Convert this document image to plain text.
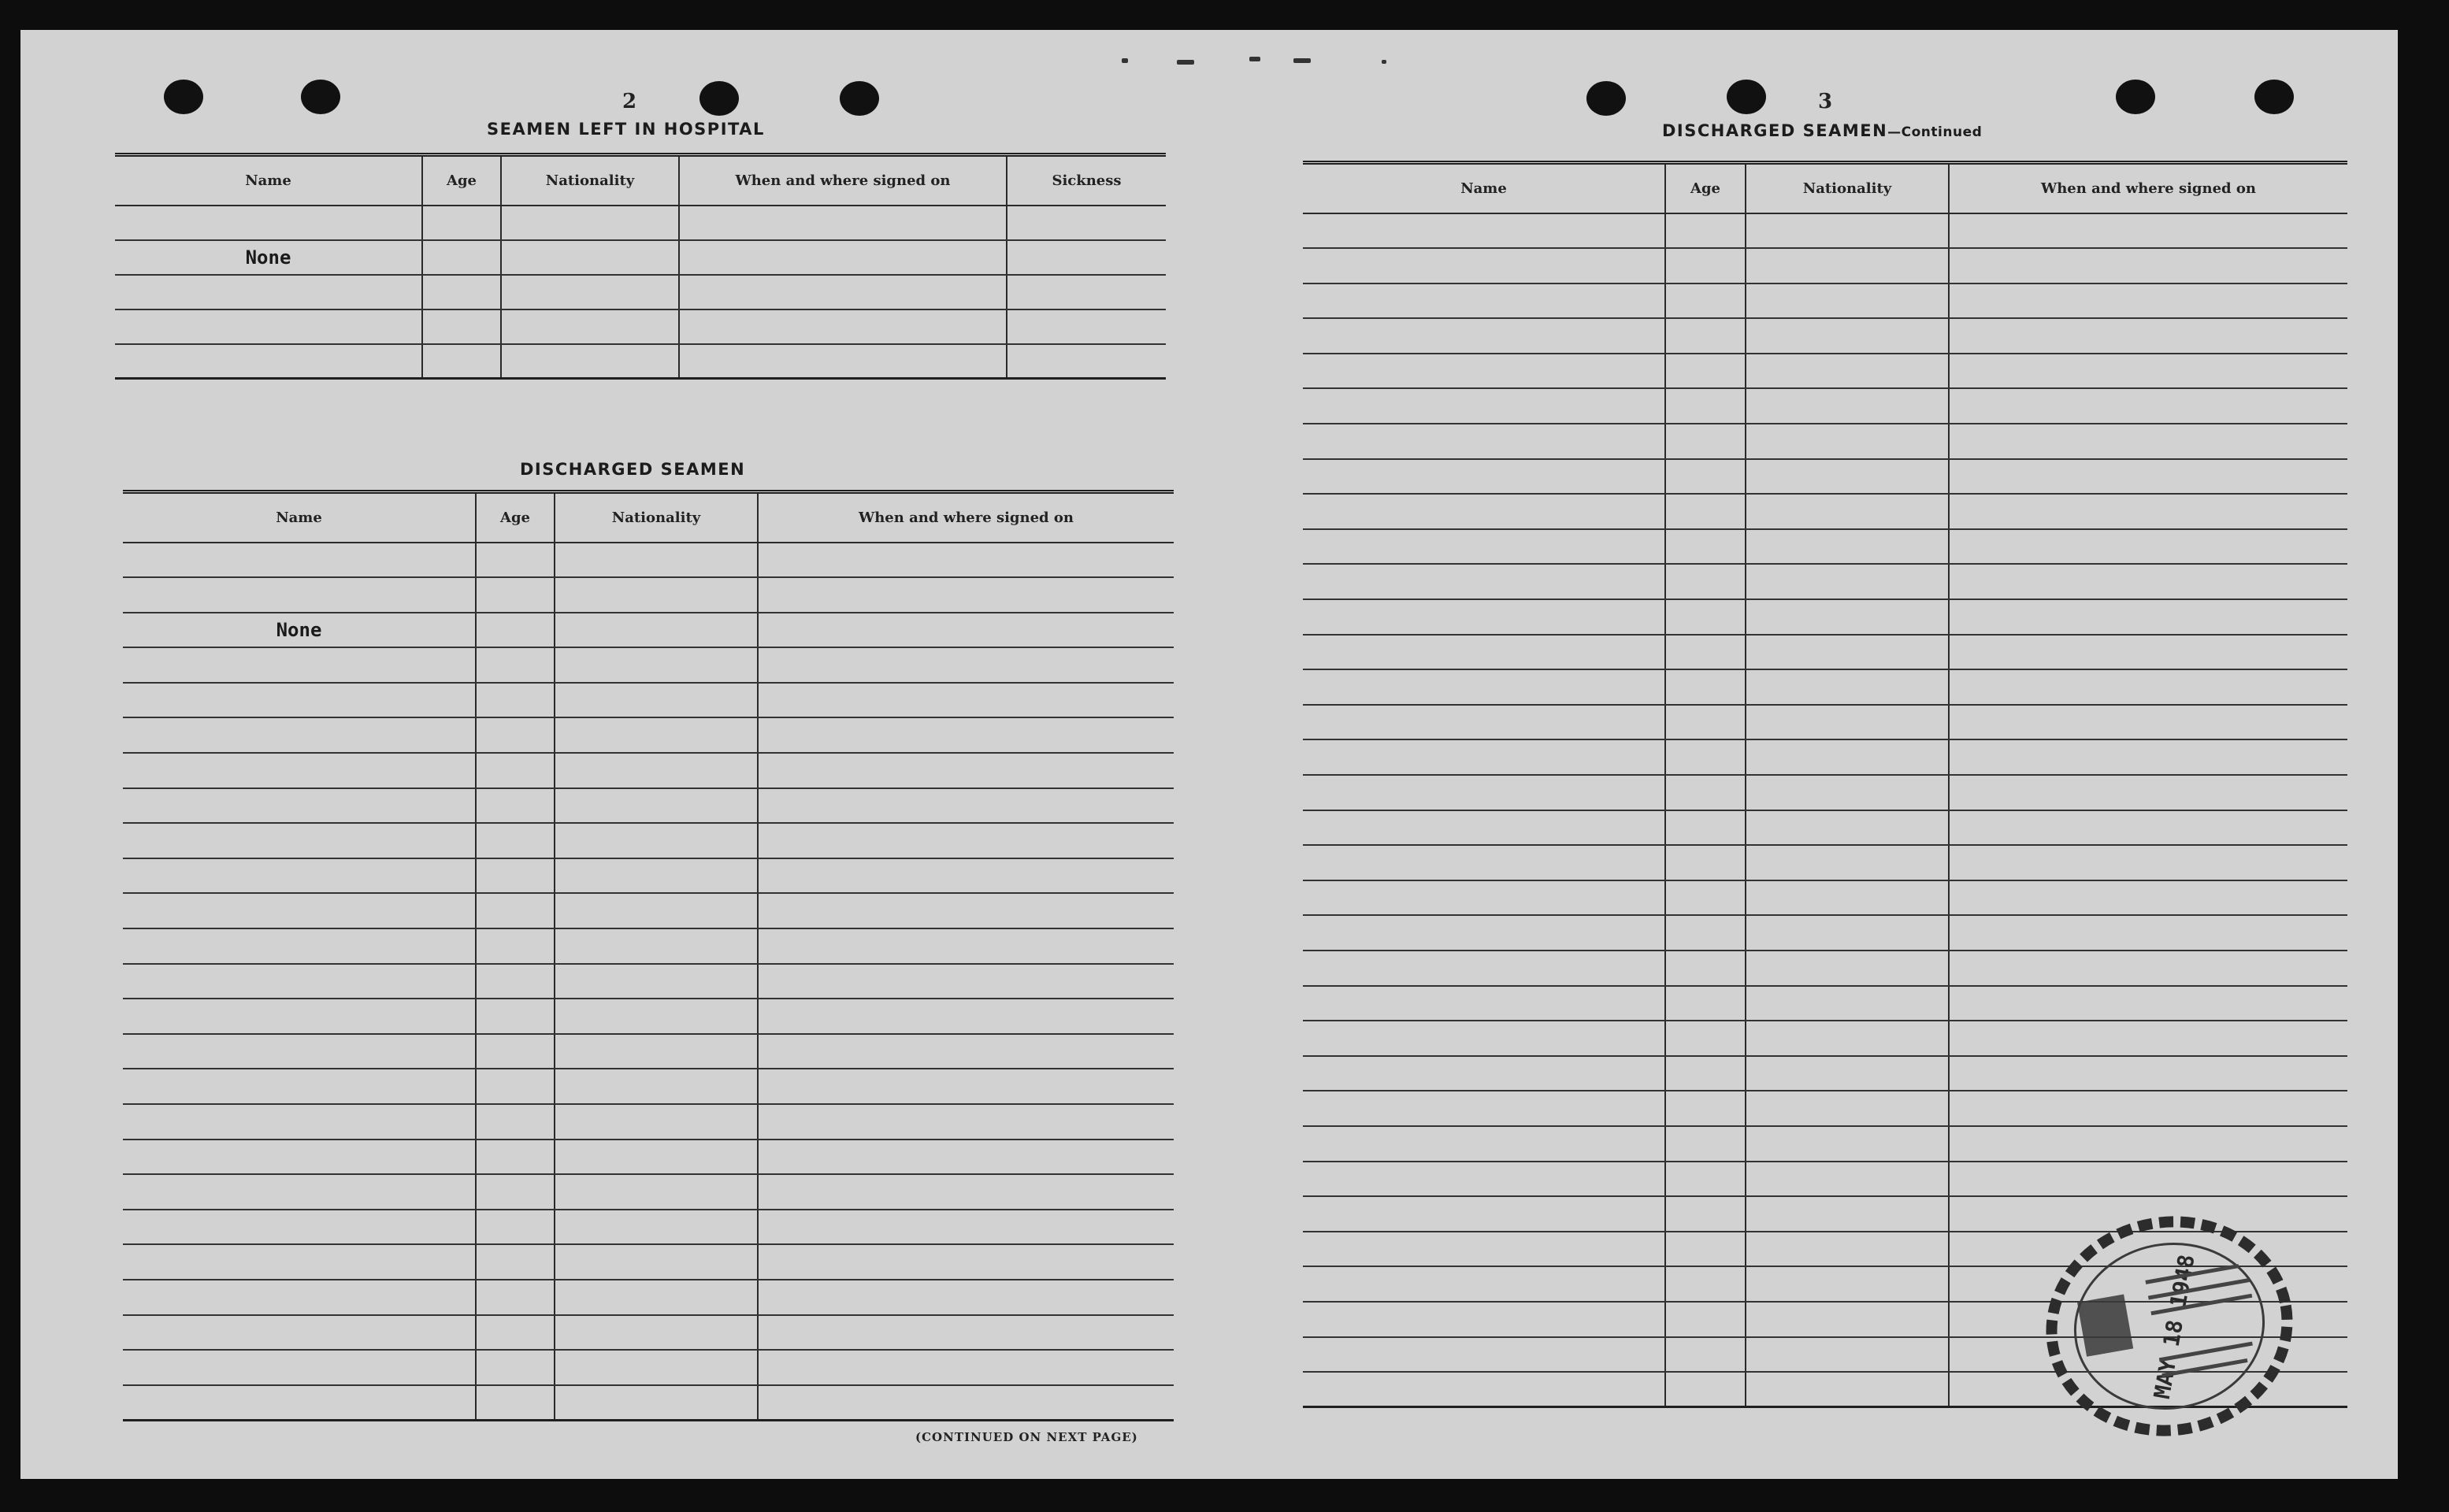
2
SEAMEN LEFT IN HOSPITAL
Name	Age	Nationality	When and where signed on	Sickness

None				

DISCHARGED SEAMEN
Name	Age	Nationality	When and where signed on

None			

(CONTINUED ON NEXT PAGE)
3
DISCHARGED SEAMEN—Continued
Name	Age	Nationality	When and where signed on

MAY 18 1948
